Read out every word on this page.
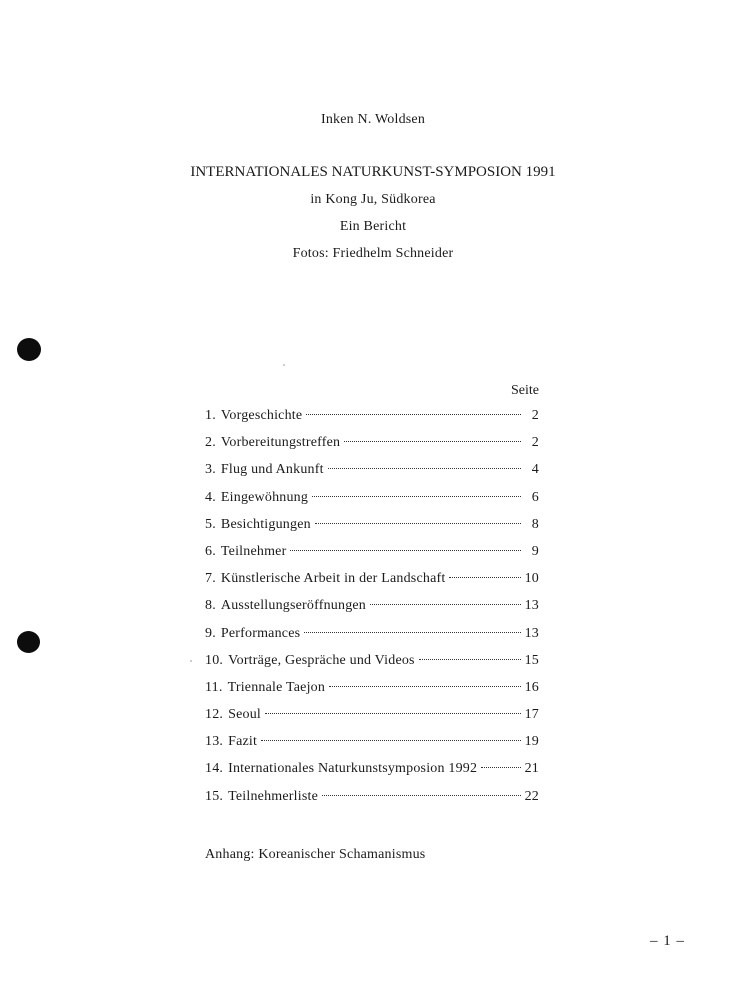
Inken N. Woldsen
INTERNATIONALES NATURKUNST-SYMPOSION 1991
in Kong Ju, Südkorea
Ein Bericht
Fotos: Friedhelm Schneider
Seite
1. Vorgeschichte	2
2. Vorbereitungstreffen	2
3. Flug und Ankunft	4
4. Eingewöhnung	6
5. Besichtigungen	8
6. Teilnehmer	9
7. Künstlerische Arbeit in der Landschaft	10
8. Ausstellungseröffnungen	13
9. Performances	13
10. Vorträge, Gespräche und Videos	15
11. Triennale Taejon	16
12. Seoul	17
13. Fazit	19
14. Internationales Naturkunstsymposion 1992	21
15. Teilnehmerliste	22
Anhang: Koreanischer Schamanismus
– 1 –
